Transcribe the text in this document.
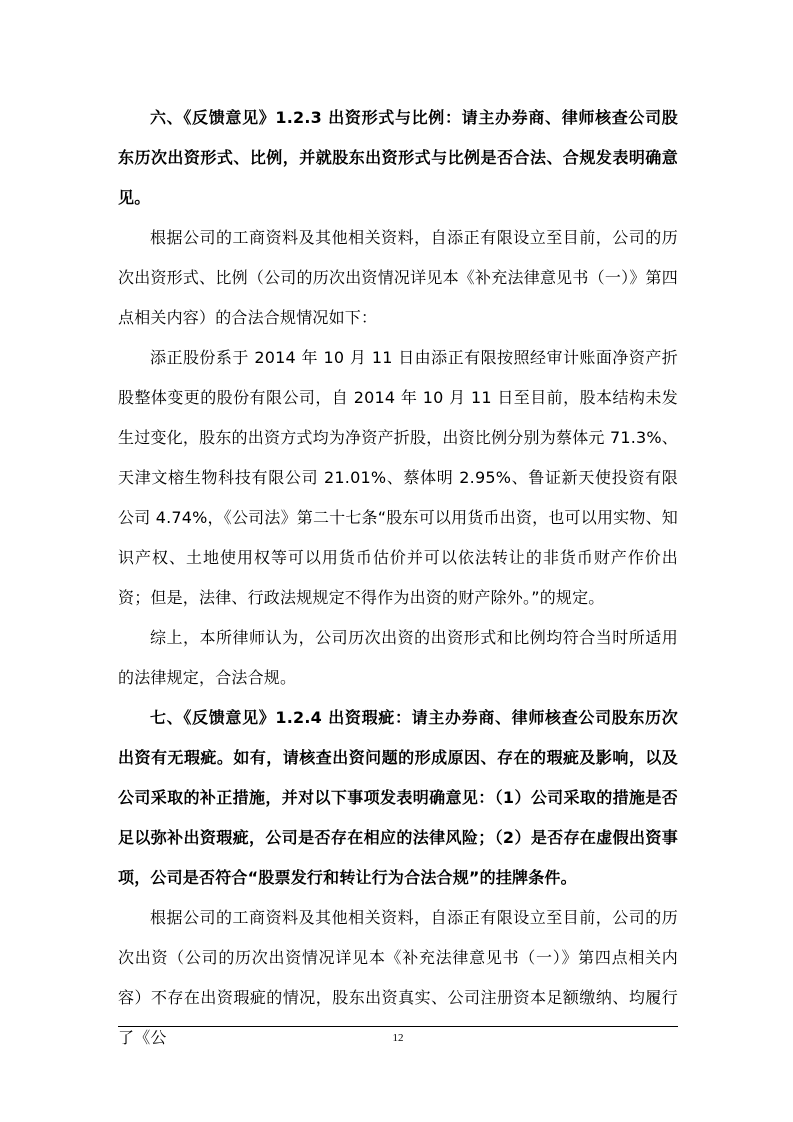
六、《反馈意见》1.2.3 出资形式与比例：请主办券商、律师核查公司股东历次出资形式、比例，并就股东出资形式与比例是否合法、合规发表明确意见。

根据公司的工商资料及其他相关资料，自添正有限设立至目前，公司的历次出资形式、比例（公司的历次出资情况详见本《补充法律意见书（一）》第四点相关内容）的合法合规情况如下：

添正股份系于 2014 年 10 月 11 日由添正有限按照经审计账面净资产折股整体变更的股份有限公司，自 2014 年 10 月 11 日至目前，股本结构未发生过变化，股东的出资方式均为净资产折股，出资比例分别为蔡体元 71.3%、天津文榕生物科技有限公司 21.01%、蔡体明 2.95%、鲁证新天使投资有限公司 4.74%，《公司法》第二十七条“股东可以用货币出资，也可以用实物、知识产权、土地使用权等可以用货币估价并可以依法转让的非货币财产作价出资；但是，法律、行政法规规定不得作为出资的财产除外。”的规定。

综上，本所律师认为，公司历次出资的出资形式和比例均符合当时所适用的法律规定，合法合规。

七、《反馈意见》1.2.4 出资瑕疵：请主办券商、律师核查公司股东历次出资有无瑕疵。如有，请核查出资问题的形成原因、存在的瑕疵及影响，以及公司采取的补正措施，并对以下事项发表明确意见：（1）公司采取的措施是否足以弥补出资瑕疵，公司是否存在相应的法律风险；（2）是否存在虚假出资事项，公司是否符合“股票发行和转让行为合法合规”的挂牌条件。

根据公司的工商资料及其他相关资料，自添正有限设立至目前，公司的历次出资（公司的历次出资情况详见本《补充法律意见书（一）》第四点相关内容）不存在出资瑕疵的情况，股东出资真实、公司注册资本足额缴纳、均履行了《公	12
